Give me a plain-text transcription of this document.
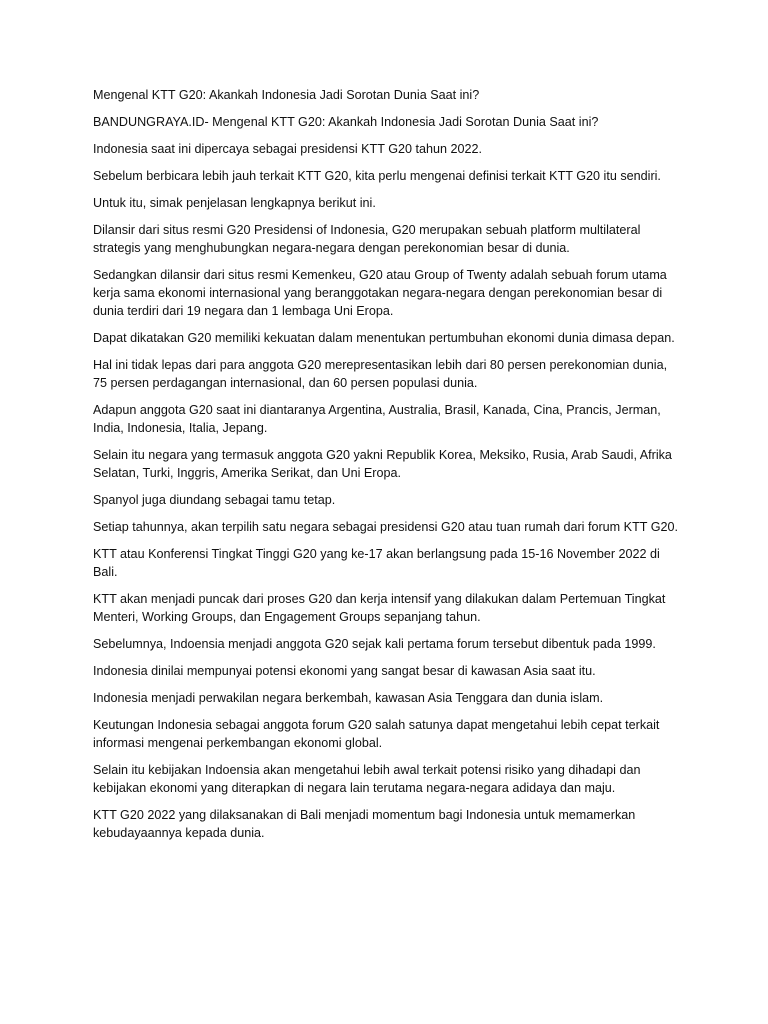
Mengenal KTT G20: Akankah Indonesia Jadi Sorotan Dunia Saat ini?

BANDUNGRAYA.ID- Mengenal KTT G20: Akankah Indonesia Jadi Sorotan Dunia Saat ini?

Indonesia saat ini dipercaya sebagai presidensi KTT G20 tahun 2022.

Sebelum berbicara lebih jauh terkait KTT G20, kita perlu mengenai definisi terkait KTT G20 itu sendiri.

Untuk itu, simak penjelasan lengkapnya berikut ini.

Dilansir dari situs resmi G20 Presidensi of Indonesia, G20 merupakan sebuah platform multilateral strategis yang menghubungkan negara-negara dengan perekonomian besar di dunia.

Sedangkan dilansir dari situs resmi Kemenkeu, G20 atau Group of Twenty adalah sebuah forum utama kerja sama ekonomi internasional yang beranggotakan negara-negara dengan perekonomian besar di dunia terdiri dari 19 negara dan 1 lembaga Uni Eropa.

Dapat dikatakan G20 memiliki kekuatan dalam menentukan pertumbuhan ekonomi dunia dimasa depan.

Hal ini tidak lepas dari para anggota G20 merepresentasikan lebih dari 80 persen perekonomian dunia, 75 persen perdagangan internasional, dan 60 persen populasi dunia.

Adapun anggota G20 saat ini diantaranya Argentina, Australia, Brasil, Kanada, Cina, Prancis, Jerman, India, Indonesia, Italia, Jepang.

Selain itu negara yang termasuk anggota G20 yakni Republik Korea, Meksiko, Rusia, Arab Saudi, Afrika Selatan, Turki, Inggris, Amerika Serikat, dan Uni Eropa.

Spanyol juga diundang sebagai tamu tetap.

Setiap tahunnya, akan terpilih satu negara sebagai presidensi G20 atau tuan rumah dari forum KTT G20.

KTT atau Konferensi Tingkat Tinggi G20 yang ke-17 akan berlangsung pada 15-16 November 2022 di Bali.

KTT akan menjadi puncak dari proses G20 dan kerja intensif yang dilakukan dalam Pertemuan Tingkat Menteri, Working Groups, dan Engagement Groups sepanjang tahun.

Sebelumnya, Indoensia menjadi anggota G20 sejak kali pertama forum tersebut dibentuk pada 1999.

Indonesia dinilai mempunyai potensi ekonomi yang sangat besar di kawasan Asia saat itu.

Indonesia menjadi perwakilan negara berkembah, kawasan Asia Tenggara dan dunia islam.

Keutungan Indonesia sebagai anggota forum G20 salah satunya dapat mengetahui lebih cepat terkait informasi mengenai perkembangan ekonomi global.

Selain itu kebijakan Indoensia akan mengetahui lebih awal terkait potensi risiko yang dihadapi dan kebijakan ekonomi yang diterapkan di negara lain terutama negara-negara adidaya dan maju.

KTT G20 2022 yang dilaksanakan di Bali menjadi momentum bagi Indonesia untuk memamerkan kebudayaannya kepada dunia.
